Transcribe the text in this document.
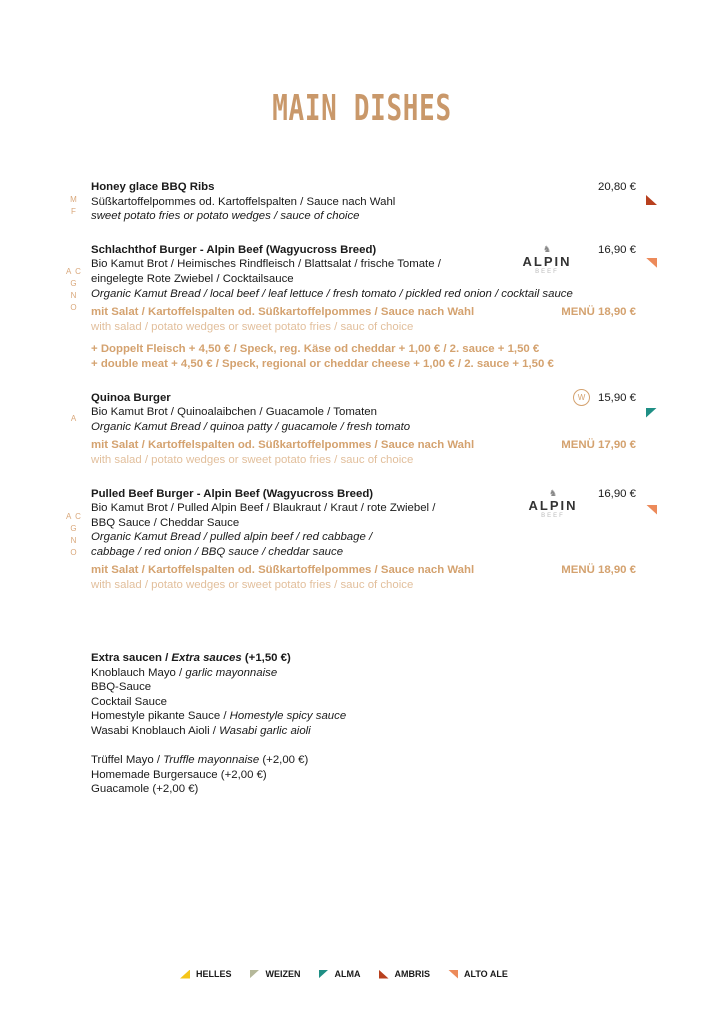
MAIN DISHES
M F
Honey glace BBQ Ribs	20,80 €
Süßkartoffelpommes od. Kartoffelspalten / Sauce nach Wahl
sweet potato fries or potato wedges / sauce of choice
A C G N O
Schlachthof Burger - Alpin Beef (Wagyucross Breed)	16,90 €
Bio Kamut Brot / Heimisches Rindfleisch / Blattsalat / frische Tomate /
eingelegte Rote Zwiebel / Cocktailsauce
Organic Kamut Bread / local beef / leaf lettuce / fresh tomato / pickled red onion / cocktail sauce
mit Salat / Kartoffelspalten od. Süßkartoffelpommes / Sauce nach Wahl	MENÜ 18,90 €
with salad / potato wedges or sweet potato fries / sauc of choice
+ Doppelt Fleisch + 4,50 € / Speck, reg. Käse od cheddar + 1,00 € / 2. sauce + 1,50 €
+ double meat + 4,50 € / Speck, regional or cheddar cheese + 1,00 € / 2. sauce + 1,50 €
♞
ALPIN
BEEF
A
Quinoa Burger	W	15,90 €
Bio Kamut Brot / Quinoalaibchen / Guacamole / Tomaten
Organic Kamut Bread / quinoa patty / guacamole / fresh tomato
mit Salat / Kartoffelspalten od. Süßkartoffelpommes / Sauce nach Wahl	MENÜ 17,90 €
with salad / potato wedges or sweet potato fries / sauc of choice
A C G N O
Pulled Beef Burger - Alpin Beef (Wagyucross Breed)	16,90 €
Bio Kamut Brot / Pulled Alpin Beef / Blaukraut / Kraut / rote Zwiebel /
BBQ Sauce / Cheddar Sauce
Organic Kamut Bread / pulled alpin beef / red cabbage /
cabbage / red onion / BBQ sauce / cheddar sauce
mit Salat / Kartoffelspalten od. Süßkartoffelpommes / Sauce nach Wahl	MENÜ 18,90 €
with salad / potato wedges or sweet potato fries / sauc of choice
♞
ALPIN
BEEF
Extra saucen / Extra sauces (+1,50 €)
Knoblauch Mayo / garlic mayonnaise
BBQ-Sauce
Cocktail Sauce
Homestyle pikante Sauce / Homestyle spicy sauce
Wasabi Knoblauch Aioli / Wasabi garlic aioli
Trüffel Mayo / Truffle mayonnaise (+2,00 €)
Homemade Burgersauce (+2,00 €)
Guacamole (+2,00 €)
HELLES	WEIZEN	ALMA	AMBRIS	ALTO ALE
